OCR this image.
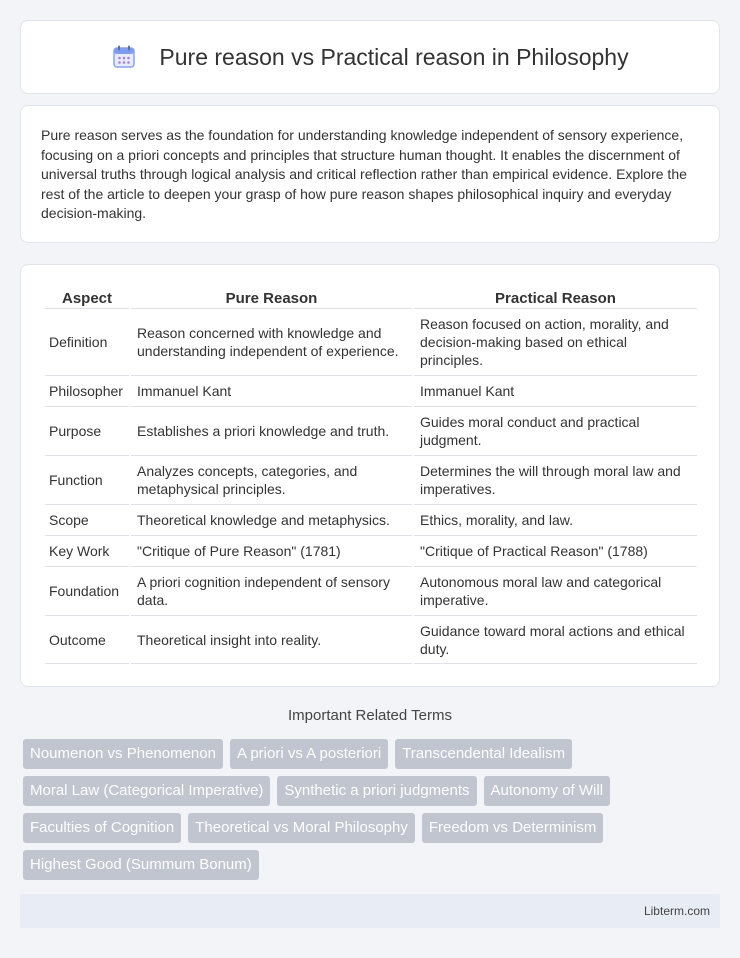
Pure reason vs Practical reason in Philosophy

Pure reason serves as the foundation for understanding knowledge independent of sensory experience, focusing on a priori concepts and principles that structure human thought. It enables the discernment of universal truths through logical analysis and critical reflection rather than empirical evidence. Explore the rest of the article to deepen your grasp of how pure reason shapes philosophical inquiry and everyday decision-making.

Aspect	Pure Reason	Practical Reason
Definition	Reason concerned with knowledge and understanding independent of experience.	Reason focused on action, morality, and decision-making based on ethical principles.
Philosopher	Immanuel Kant	Immanuel Kant
Purpose	Establishes a priori knowledge and truth.	Guides moral conduct and practical judgment.
Function	Analyzes concepts, categories, and metaphysical principles.	Determines the will through moral law and imperatives.
Scope	Theoretical knowledge and metaphysics.	Ethics, morality, and law.
Key Work	"Critique of Pure Reason" (1781)	"Critique of Practical Reason" (1788)
Foundation	A priori cognition independent of sensory data.	Autonomous moral law and categorical imperative.
Outcome	Theoretical insight into reality.	Guidance toward moral actions and ethical duty.
Important Related Terms
Noumenon vs Phenomenon	A priori vs A posteriori	Transcendental Idealism
Moral Law (Categorical Imperative)	Synthetic a priori judgments	Autonomy of Will
Faculties of Cognition	Theoretical vs Moral Philosophy	Freedom vs Determinism
Highest Good (Summum Bonum)
Libterm.com
